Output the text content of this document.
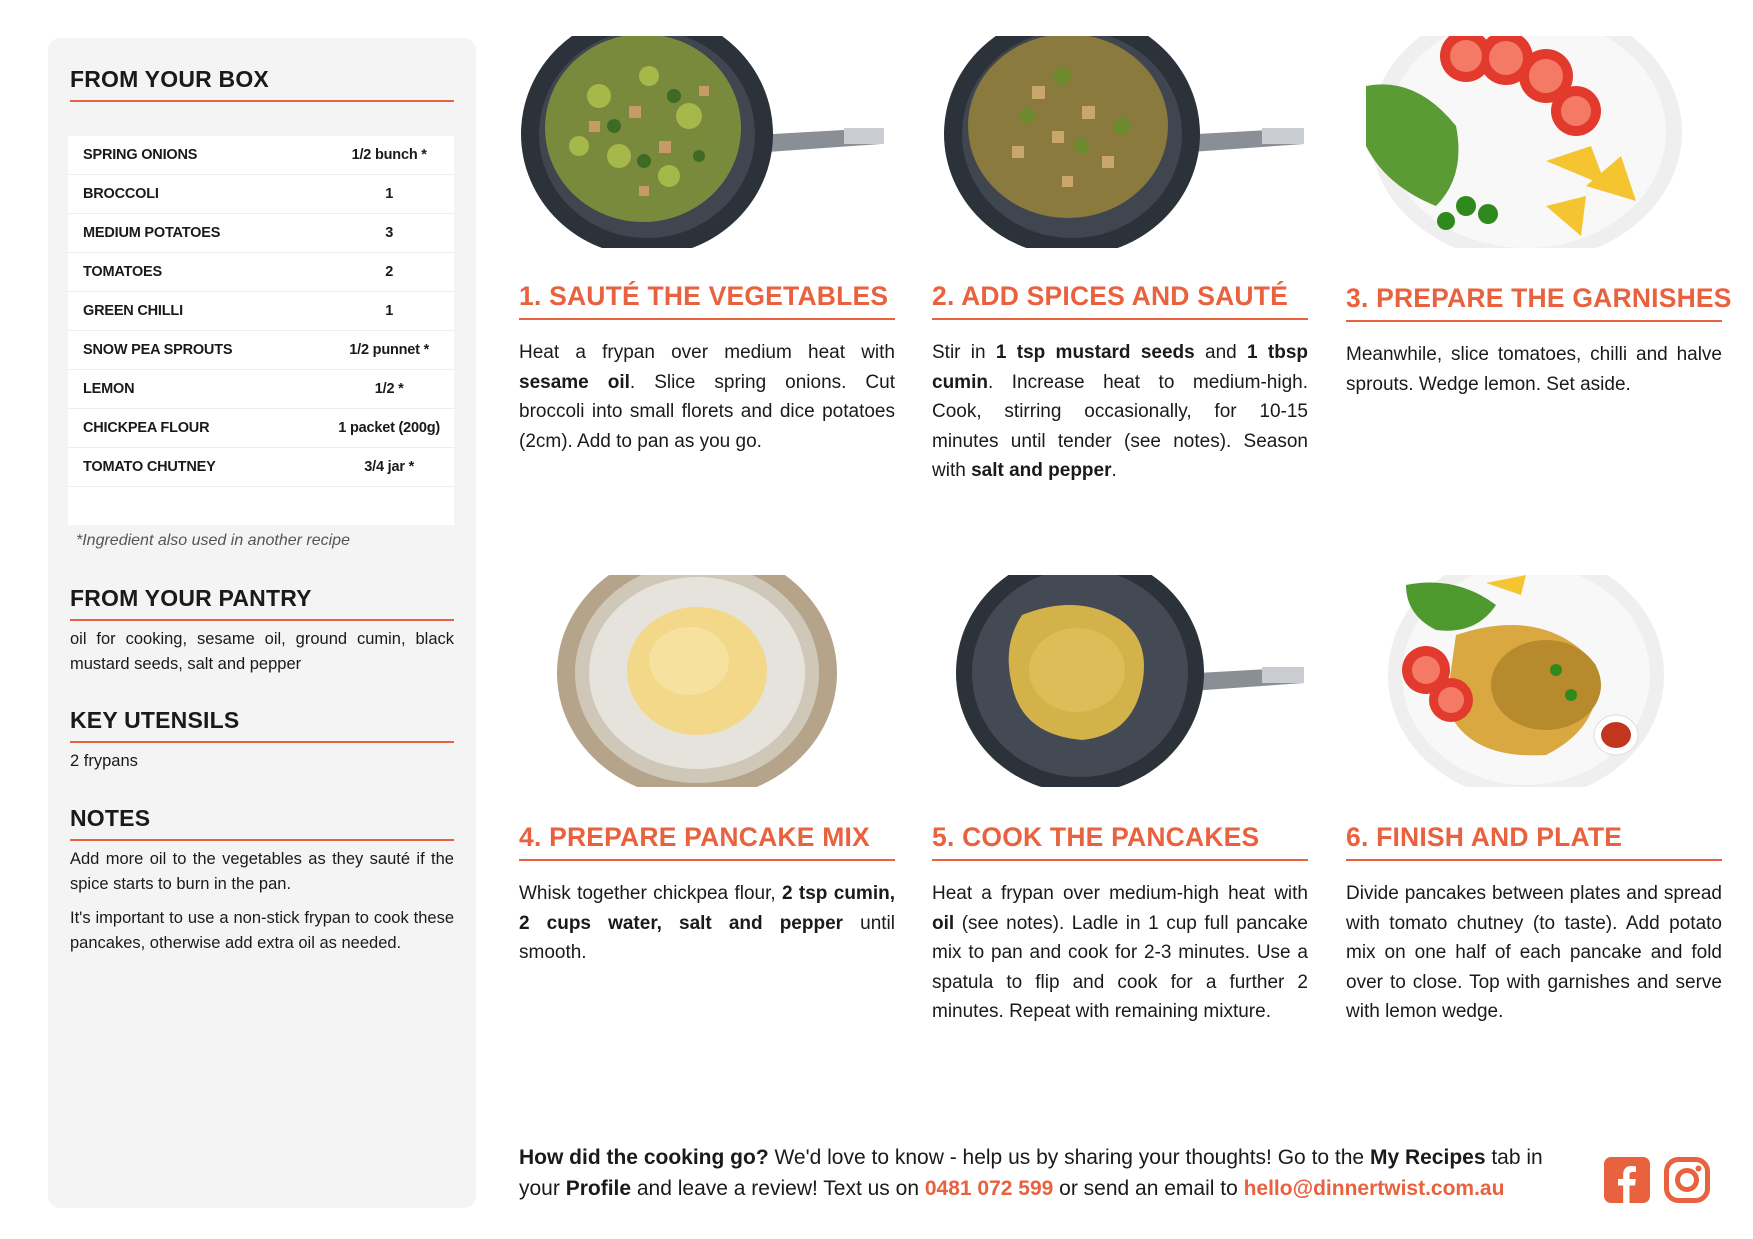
FROM YOUR BOX
SPRING ONIONS	1/2 bunch *
BROCCOLI	1
MEDIUM POTATOES	3
TOMATOES	2
GREEN CHILLI	1
SNOW PEA SPROUTS	1/2 punnet *
LEMON	1/2 *
CHICKPEA FLOUR	1 packet (200g)
TOMATO CHUTNEY	3/4 jar *
*Ingredient also used in another recipe
FROM YOUR PANTRY

oil for cooking, sesame oil, ground cumin, black mustard seeds, salt and pepper

KEY UTENSILS

2 frypans

NOTES

Add more oil to the vegetables as they sauté if the spice starts to burn in the pan.

It's important to use a non-stick frypan to cook these pancakes, otherwise add extra oil as needed.

1. SAUTÉ THE VEGETABLES 2. ADD SPICES AND SAUTÉ	3. PREPARE THE GARNISHES
4. PREPARE PANCAKE MIX	5. COOK THE PANCAKES	6. FINISH AND PLATE

Heat a frypan over medium heat with sesame oil. Slice spring onions. Cut broccoli into small florets and dice potatoes (2cm). Add to pan as you go.

Stir in 1 tsp mustard seeds and 1 tbsp cumin. Increase heat to medium-high. Cook, stirring occasionally, for 10-15 minutes until tender (see notes). Season with salt and pepper.

Meanwhile, slice tomatoes, chilli and halve sprouts. Wedge lemon. Set aside.

Whisk together chickpea flour, 2 tsp cumin, 2 cups water, salt and pepper until smooth.

Heat a frypan over medium-high heat with oil (see notes). Ladle in 1 cup full pancake mix to pan and cook for 2-3 minutes. Use a spatula to flip and cook for a further 2 minutes. Repeat with remaining mixture.

Divide pancakes between plates and spread with tomato chutney (to taste). Add potato mix on one half of each pancake and fold over to close. Top with garnishes and serve with lemon wedge.

How did the cooking go? We'd love to know - help us by sharing your thoughts! Go to the My Recipes tab in your Profile and leave a review! Text us on 0481 072 599 or send an email to hello@dinnertwist.com.au
